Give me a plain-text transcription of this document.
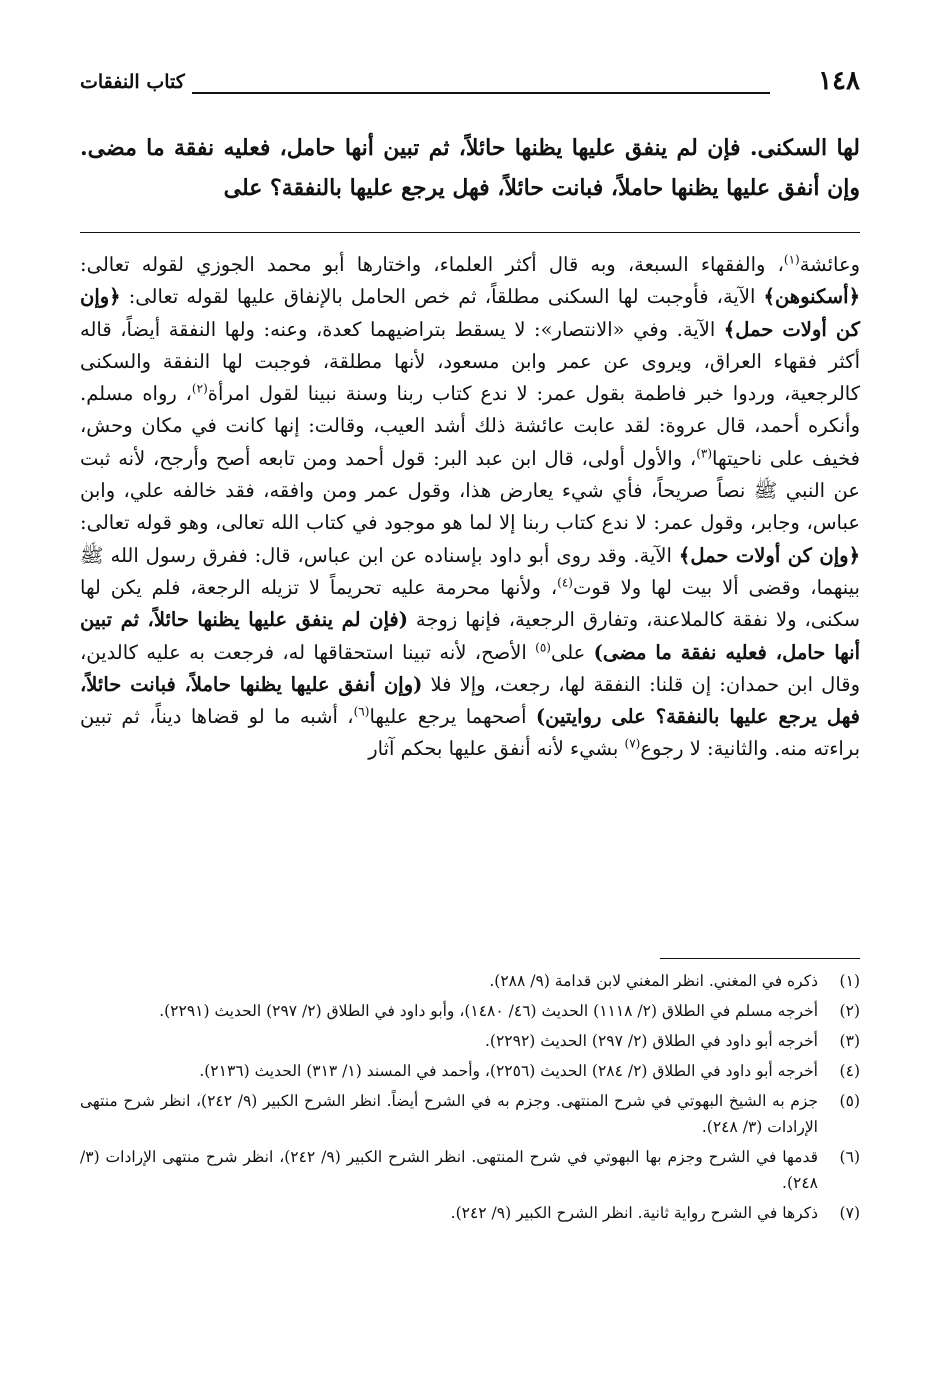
١٤٨
كتاب النفقات

لها السكنى. فإن لم ينفق عليها يظنها حائلاً، ثم تبين أنها حامل، فعليه نفقة ما مضى. وإن أنفق عليها يظنها حاملاً، فبانت حائلاً، فهل يرجع عليها بالنفقة؟ على

وعائشة$^{(١)}$، والفقهاء السبعة، وبه قال أكثر العلماء، واختارها أبو محمد الجوزي لقوله تعالى: ﴿أسكنوهن﴾ الآية، فأوجبت لها السكنى مطلقاً، ثم خص الحامل بالإنفاق عليها لقوله تعالى: ﴿وإن كن أولات حمل﴾ الآية. وفي «الانتصار»: لا يسقط بتراضيهما كعدة، وعنه: ولها النفقة أيضاً، قاله أكثر فقهاء العراق، ويروى عن عمر وابن مسعود، لأنها مطلقة، فوجبت لها النفقة والسكنى كالرجعية، وردوا خبر فاطمة بقول عمر: لا ندع كتاب ربنا وسنة نبينا لقول امرأة$^{(٢)}$، رواه مسلم. وأنكره أحمد، قال عروة: لقد عابت عائشة ذلك أشد العيب، وقالت: إنها كانت في مكان وحش، فخيف على ناحيتها$^{(٣)}$، والأول أولى، قال ابن عبد البر: قول أحمد ومن تابعه أصح وأرجح، لأنه ثبت عن النبي ﷺ نصاً صريحاً، فأي شيء يعارض هذا، وقول عمر ومن وافقه، فقد خالفه علي، وابن عباس، وجابر، وقول عمر: لا ندع كتاب ربنا إلا لما هو موجود في كتاب الله تعالى، وهو قوله تعالى: ﴿وإن كن أولات حمل﴾ الآية. وقد روى أبو داود بإسناده عن ابن عباس، قال: ففرق رسول الله ﷺ بينهما، وقضى ألا بيت لها ولا قوت$^{(٤)}$، ولأنها محرمة عليه تحريماً لا تزيله الرجعة، فلم يكن لها سكنى، ولا نفقة كالملاعنة، وتفارق الرجعية، فإنها زوجة (فإن لم ينفق عليها يظنها حائلاً، ثم تبين أنها حامل، فعليه نفقة ما مضى) على$^{(٥)}$ الأصح، لأنه تبينا استحقاقها له، فرجعت به عليه كالدين، وقال ابن حمدان: إن قلنا: النفقة لها، رجعت، وإلا فلا (وإن أنفق عليها يظنها حاملاً، فبانت حائلاً، فهل يرجع عليها بالنفقة؟ على روايتين) أصحهما يرجع عليها$^{(٦)}$، أشبه ما لو قضاها ديناً، ثم تبين براءته منه. والثانية: لا رجوع$^{(٧)}$ بشيء لأنه أنفق عليها بحكم آثار

(١)
ذكره في المغني. انظر المغني لابن قدامة (٩/ ٢٨٨).
(٢)
أخرجه مسلم في الطلاق (٢/ ١١١٨) الحديث (٤٦/ ١٤٨٠)، وأبو داود في الطلاق (٢/ ٢٩٧) الحديث (٢٢٩١).
(٣)
أخرجه أبو داود في الطلاق (٢/ ٢٩٧) الحديث (٢٢٩٢).
(٤)
أخرجه أبو داود في الطلاق (٢/ ٢٨٤) الحديث (٢٢٥٦)، وأحمد في المسند (١/ ٣١٣) الحديث (٢١٣٦).
(٥)
جزم به الشيخ البهوتي في شرح المنتهى. وجزم به في الشرح أيضاً. انظر الشرح الكبير (٩/ ٢٤٢)، انظر شرح منتهى الإرادات (٣/ ٢٤٨).
(٦)
قدمها في الشرح وجزم بها البهوتي في شرح المنتهى. انظر الشرح الكبير (٩/ ٢٤٢)، انظر شرح منتهى الإرادات (٣/ ٢٤٨).
(٧)
ذكرها في الشرح رواية ثانية. انظر الشرح الكبير (٩/ ٢٤٢).
